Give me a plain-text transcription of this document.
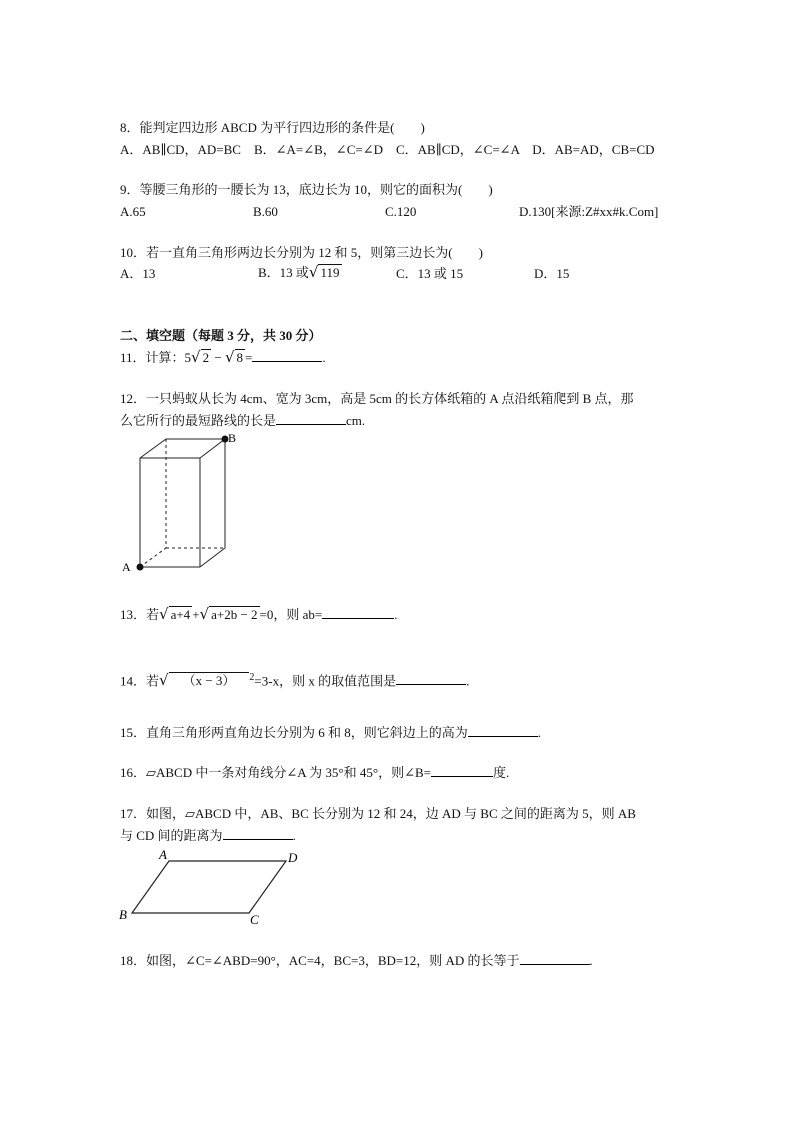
8．能判定四边形 ABCD 为平行四边形的条件是(　　)
A．AB∥CD，AD=BC　B．∠A=∠B，∠C=∠D　C．AB∥CD，∠C=∠A　D．AB=AD，CB=CD
9．等腰三角形的一腰长为 13，底边长为 10，则它的面积为(　　)
A.65	B.60	C.120	D.130[来源:Z#xx#k.Com]
10．若一直角三角形两边长分别为 12 和 5，则第三边长为(　　)
A．13	B．13 或√ 119	C．13 或 15	D．15
二、填空题（每题 3 分，共 30 分）
11．计算：5√ 2 − √ 8 =	.
12．一只蚂蚁从长为 4cm、宽为 3cm，高是 5cm 的长方体纸箱的 A 点沿纸箱爬到 B 点，那
么它所行的最短路线的长是	cm.
A
B
13．若√ a+4 +√ a+2b − 2 =0，则 ab=	.
14．若√ （x − 3） $^2$=3-x，则 x 的取值范围是	.
15．直角三角形两直角边长分别为 6 和 8，则它斜边上的高为	.
16．▱ABCD 中一条对角线分∠A 为 35°和 45°，则∠B=	度.
17．如图，▱ABCD 中，AB、BC 长分别为 12 和 24，边 AD 与 BC 之间的距离为 5，则 AB
与 CD 间的距离为	.
A	D
B	C
18．如图，∠C=∠ABD=90°，AC=4，BC=3，BD=12，则 AD 的长等于	.
